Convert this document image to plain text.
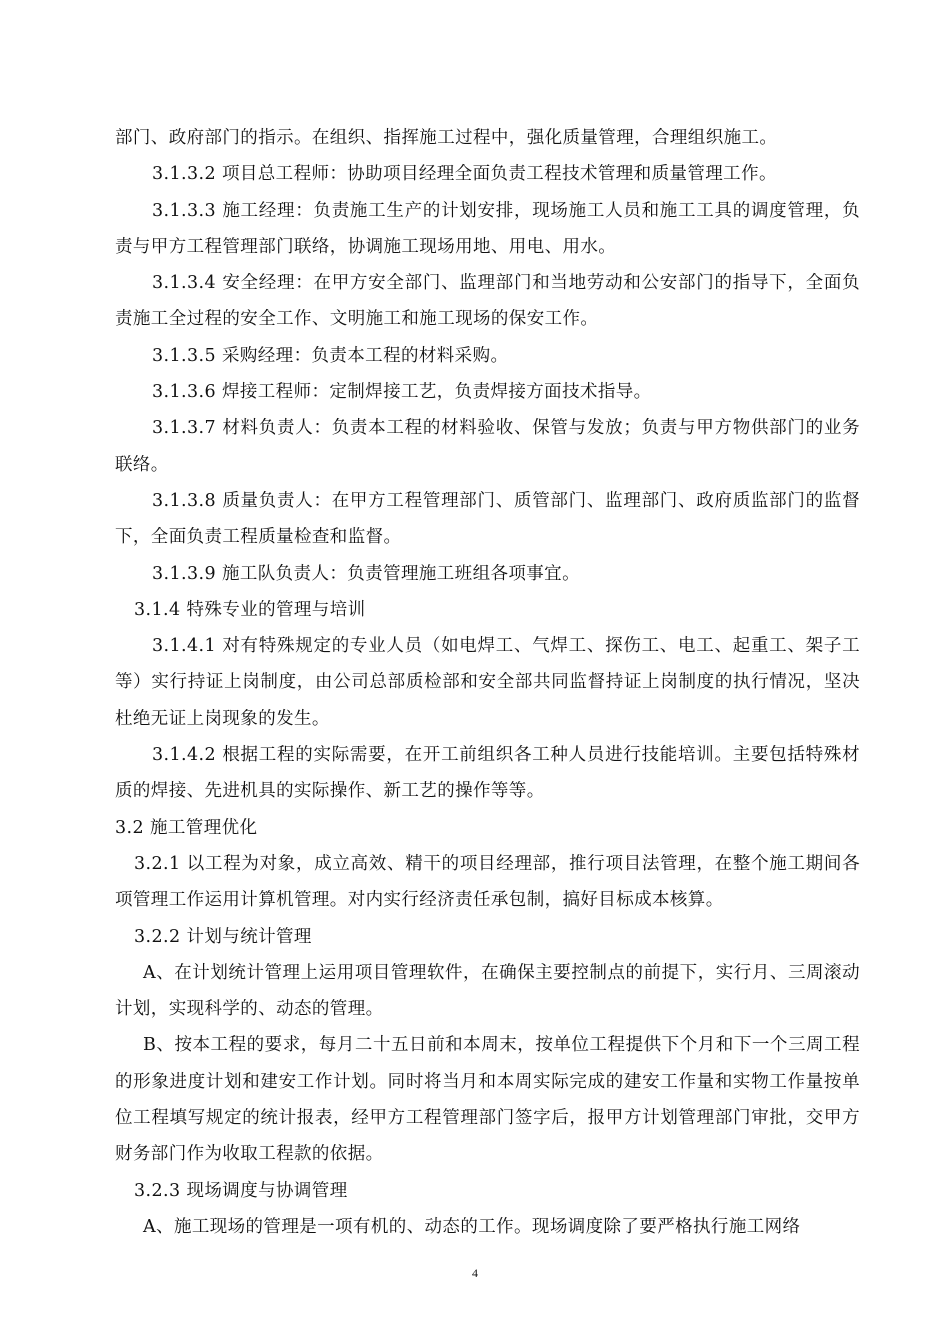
部门、政府部门的指示。在组织、指挥施工过程中，强化质量管理，合理组织施工。

3.1.3.2 项目总工程师：协助项目经理全面负责工程技术管理和质量管理工作。

3.1.3.3 施工经理：负责施工生产的计划安排，现场施工人员和施工工具的调度管理，负责与甲方工程管理部门联络，协调施工现场用地、用电、用水。

3.1.3.4 安全经理：在甲方安全部门、监理部门和当地劳动和公安部门的指导下，全面负责施工全过程的安全工作、文明施工和施工现场的保安工作。

3.1.3.5 采购经理：负责本工程的材料采购。

3.1.3.6 焊接工程师：定制焊接工艺，负责焊接方面技术指导。

3.1.3.7 材料负责人：负责本工程的材料验收、保管与发放；负责与甲方物供部门的业务联络。

3.1.3.8 质量负责人：在甲方工程管理部门、质管部门、监理部门、政府质监部门的监督下，全面负责工程质量检查和监督。

3.1.3.9 施工队负责人：负责管理施工班组各项事宜。

3.1.4 特殊专业的管理与培训

3.1.4.1 对有特殊规定的专业人员（如电焊工、气焊工、探伤工、电工、起重工、架子工等）实行持证上岗制度，由公司总部质检部和安全部共同监督持证上岗制度的执行情况，坚决杜绝无证上岗现象的发生。

3.1.4.2 根据工程的实际需要，在开工前组织各工种人员进行技能培训。主要包括特殊材质的焊接、先进机具的实际操作、新工艺的操作等等。

3.2 施工管理优化

3.2.1 以工程为对象，成立高效、精干的项目经理部，推行项目法管理，在整个施工期间各项管理工作运用计算机管理。对内实行经济责任承包制，搞好目标成本核算。

3.2.2 计划与统计管理

A、在计划统计管理上运用项目管理软件，在确保主要控制点的前提下，实行月、三周滚动计划，实现科学的、动态的管理。

B、按本工程的要求，每月二十五日前和本周末，按单位工程提供下个月和下一个三周工程的形象进度计划和建安工作计划。同时将当月和本周实际完成的建安工作量和实物工作量按单位工程填写规定的统计报表，经甲方工程管理部门签字后，报甲方计划管理部门审批，交甲方财务部门作为收取工程款的依据。

3.2.3 现场调度与协调管理

A、施工现场的管理是一项有机的、动态的工作。现场调度除了要严格执行施工网络

4
